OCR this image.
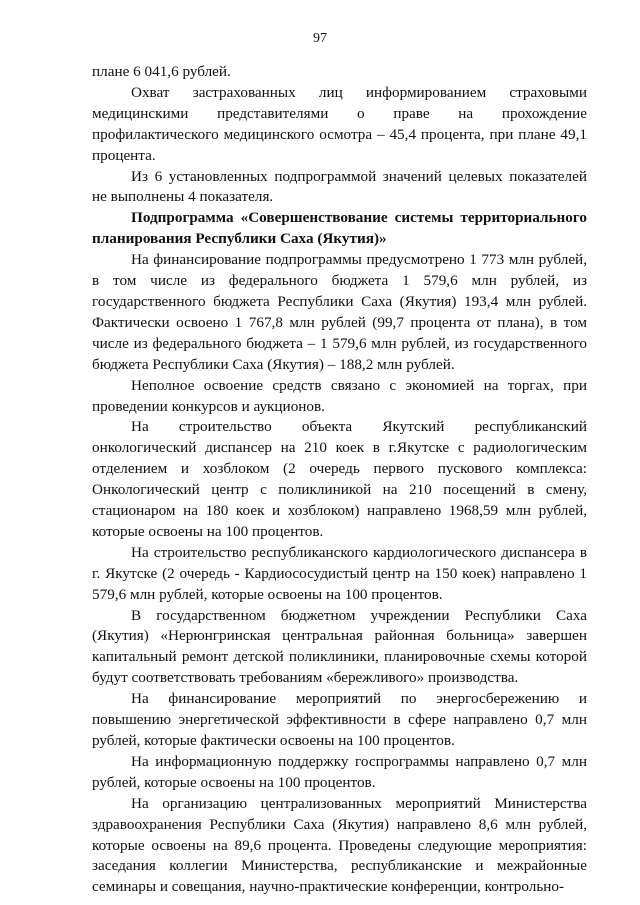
97

плане 6 041,6 рублей.

Охват застрахованных лиц информированием страховыми медицинскими представителями о праве на прохождение профилактического медицинского осмотра – 45,4 процента, при плане 49,1 процента.

Из 6 установленных подпрограммой значений целевых показателей не выполнены 4 показателя.

Подпрограмма «Совершенствование системы территориального планирования Республики Саха (Якутия)»

На финансирование подпрограммы предусмотрено 1 773 млн рублей, в том числе из федерального бюджета 1 579,6 млн рублей, из государственного бюджета Республики Саха (Якутия) 193,4 млн рублей. Фактически освоено 1 767,8 млн рублей (99,7 процента от плана), в том числе из федерального бюджета – 1 579,6 млн рублей, из государственного бюджета Республики Саха (Якутия) – 188,2 млн рублей.

Неполное освоение средств связано с экономией на торгах, при проведении конкурсов и аукционов.

На строительство объекта Якутский республиканский онкологический диспансер на 210 коек в г.Якутске с радиологическим отделением и хозблоком (2 очередь первого пускового комплекса: Онкологический центр с поликлиникой на 210 посещений в смену, стационаром на 180 коек и хозблоком) направлено 1968,59 млн рублей, которые освоены на 100 процентов.

На строительство республиканского кардиологического диспансера в г. Якутске (2 очередь - Кардиососудистый центр на 150 коек) направлено 1 579,6 млн рублей, которые освоены на 100 процентов.

В государственном бюджетном учреждении Республики Саха (Якутия) «Нерюнгринская центральная районная больница» завершен капитальный ремонт детской поликлиники, планировочные схемы которой будут соответствовать требованиям «бережливого» производства.

На финансирование мероприятий по энергосбережению и повышению энергетической эффективности в сфере направлено 0,7 млн рублей, которые фактически освоены на 100 процентов.

На информационную поддержку госпрограммы направлено 0,7 млн рублей, которые освоены на 100 процентов.

На организацию централизованных мероприятий Министерства здравоохранения Республики Саха (Якутия) направлено 8,6 млн рублей, которые освоены на 89,6 процента. Проведены следующие мероприятия: заседания коллегии Министерства, республиканские и межрайонные семинары и совещания, научно-практические конференции, контрольно-
